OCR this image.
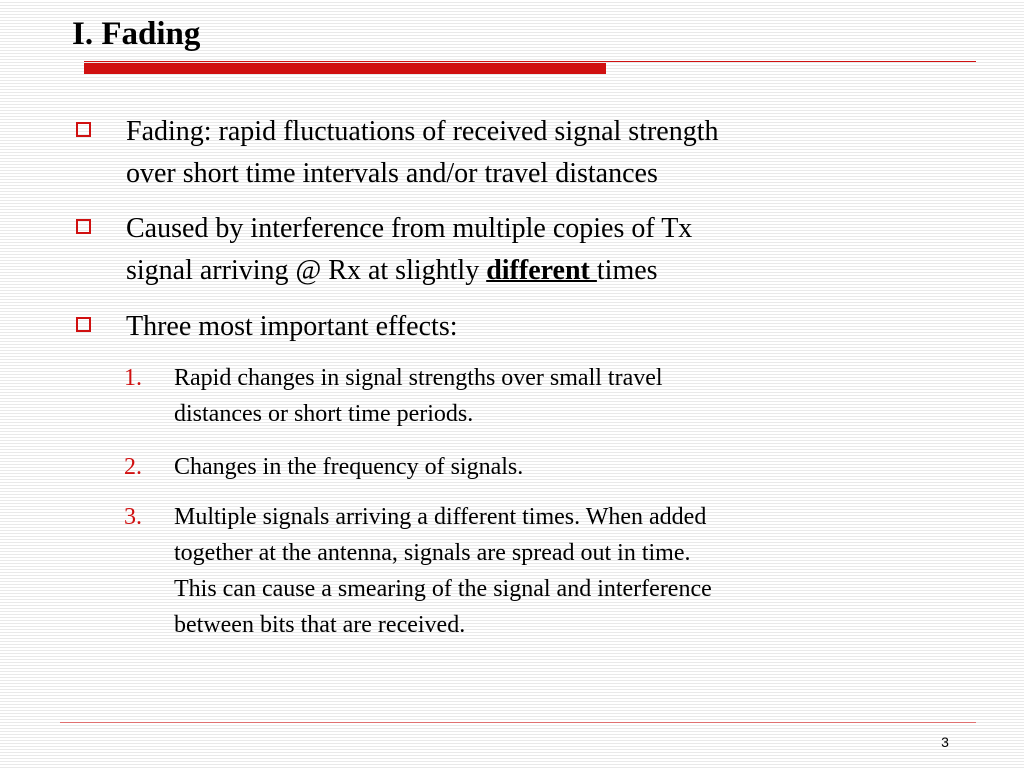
I. Fading
Fading: rapid fluctuations of received signal strength
over short time intervals and/or travel distances
Caused by interference from multiple copies of Tx
signal arriving @ Rx at slightly different times
Three most important effects:
1. Rapid changes in signal strengths over small travel
distances or short time periods.
2. Changes in the frequency of signals.
3. Multiple signals arriving a different times. When added
together at the antenna, signals are spread out in time.
This can cause a smearing of the signal and interference
between bits that are received.
3
